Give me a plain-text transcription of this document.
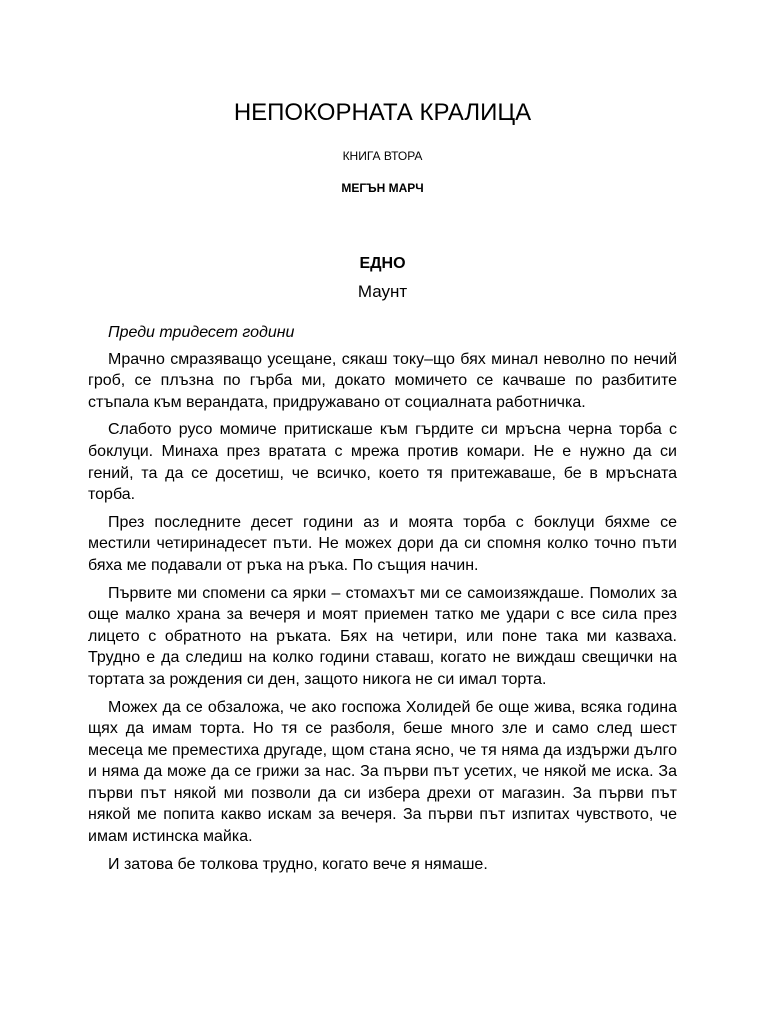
НЕПОКОРНАТА КРАЛИЦА
КНИГА ВТОРА
МЕГЪН МАРЧ
ЕДНО
Маунт

Преди тридесет години

Мрачно смразяващо усещане, сякаш току–що бях минал неволно по нечий гроб, се плъзна по гърба ми, докато момичето се качваше по разбитите стъпала към верандата, придружавано от социалната работничка.

Слабото русо момиче притискаше към гърдите си мръсна черна торба с боклуци. Минаха през вратата с мрежа против комари. Не е нужно да си гений, та да се досетиш, че всичко, което тя притежаваше, бе в мръсната торба.

През последните десет години аз и моята торба с боклуци бяхме се местили четиринадесет пъти. Не можех дори да си спомня колко точно пъти бяха ме подавали от ръка на ръка. По същия начин.

Първите ми спомени са ярки – стомахът ми се самоизяждаше. Помолих за още малко храна за вечеря и моят приемен татко ме удари с все сила през лицето с обратното на ръката. Бях на четири, или поне така ми казваха. Трудно е да следиш на колко години ставаш, когато не виждаш свещички на тортата за рождения си ден, защото никога не си имал торта.

Можех да се обзаложа, че ако госпожа Холидей бе още жива, всяка година щях да имам торта. Но тя се разболя, беше много зле и само след шест месеца ме преместиха другаде, щом стана ясно, че тя няма да издържи дълго и няма да може да се грижи за нас. За първи път усетих, че някой ме иска. За първи път някой ми позволи да си избера дрехи от магазин. За първи път някой ме попита какво искам за вечеря. За първи път изпитах чувството, че имам истинска майка.

И затова бе толкова трудно, когато вече я нямаше.
